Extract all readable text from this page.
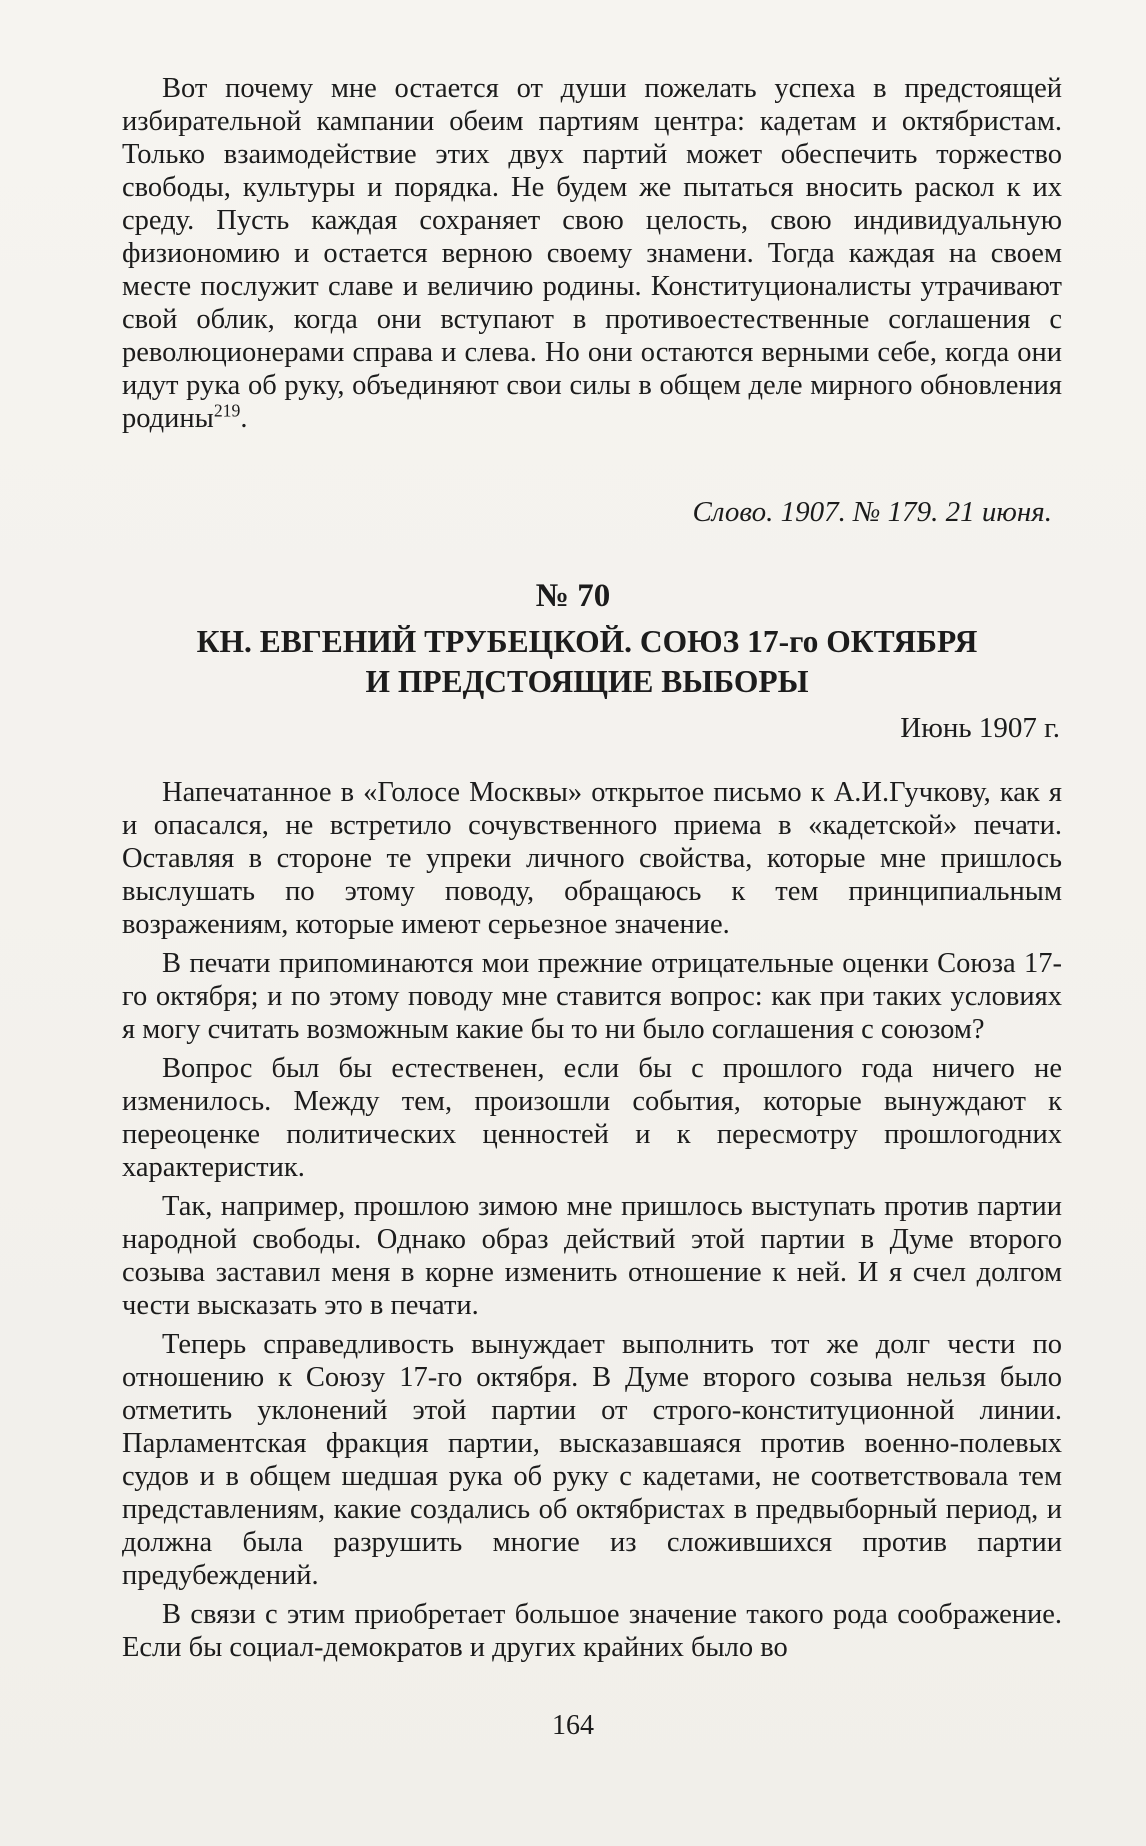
Вот почему мне остается от души пожелать успеха в предстоящей избирательной кампании обеим партиям центра: кадетам и октябристам. Только взаимодействие этих двух партий может обеспечить торжество свободы, культуры и порядка. Не будем же пытаться вносить раскол к их среду. Пусть каждая сохраняет свою целость, свою индивидуальную физиономию и остается верною своему знамени. Тогда каждая на своем месте послужит славе и величию родины. Конституционалисты утрачивают свой облик, когда они вступают в противоестественные соглашения с революционерами справа и слева. Но они остаются верными себе, когда они идут рука об руку, объединяют свои силы в общем деле мирного обновления родины$^{219}$.

Слово. 1907. № 179. 21 июня.
№ 70
КН. ЕВГЕНИЙ ТРУБЕЦКОЙ. СОЮЗ 17-го ОКТЯБРЯ
И ПРЕДСТОЯЩИЕ ВЫБОРЫ
Июнь 1907 г.

Напечатанное в «Голосе Москвы» открытое письмо к А.И.Гучкову, как я и опасался, не встретило сочувственного приема в «кадетской» печати. Оставляя в стороне те упреки личного свойства, которые мне пришлось выслушать по этому поводу, обращаюсь к тем принципиальным возражениям, которые имеют серьезное значение.

В печати припоминаются мои прежние отрицательные оценки Союза 17-го октября; и по этому поводу мне ставится вопрос: как при таких условиях я могу считать возможным какие бы то ни было соглашения с союзом?

Вопрос был бы естественен, если бы с прошлого года ничего не изменилось. Между тем, произошли события, которые вынуждают к переоценке политических ценностей и к пересмотру прошлогодних характеристик.

Так, например, прошлою зимою мне пришлось выступать против партии народной свободы. Однако образ действий этой партии в Думе второго созыва заставил меня в корне изменить отношение к ней. И я счел долгом чести высказать это в печати.

Теперь справедливость вынуждает выполнить тот же долг чести по отношению к Союзу 17-го октября. В Думе второго созыва нельзя было отметить уклонений этой партии от строго-конституционной линии. Парламентская фракция партии, высказавшаяся против военно-полевых судов и в общем шедшая рука об руку с кадетами, не соответствовала тем представлениям, какие создались об октябристах в предвыборный период, и должна была разрушить многие из сложившихся против партии предубеждений.

В связи с этим приобретает большое значение такого рода соображение. Если бы социал-демократов и других крайних было во

164
